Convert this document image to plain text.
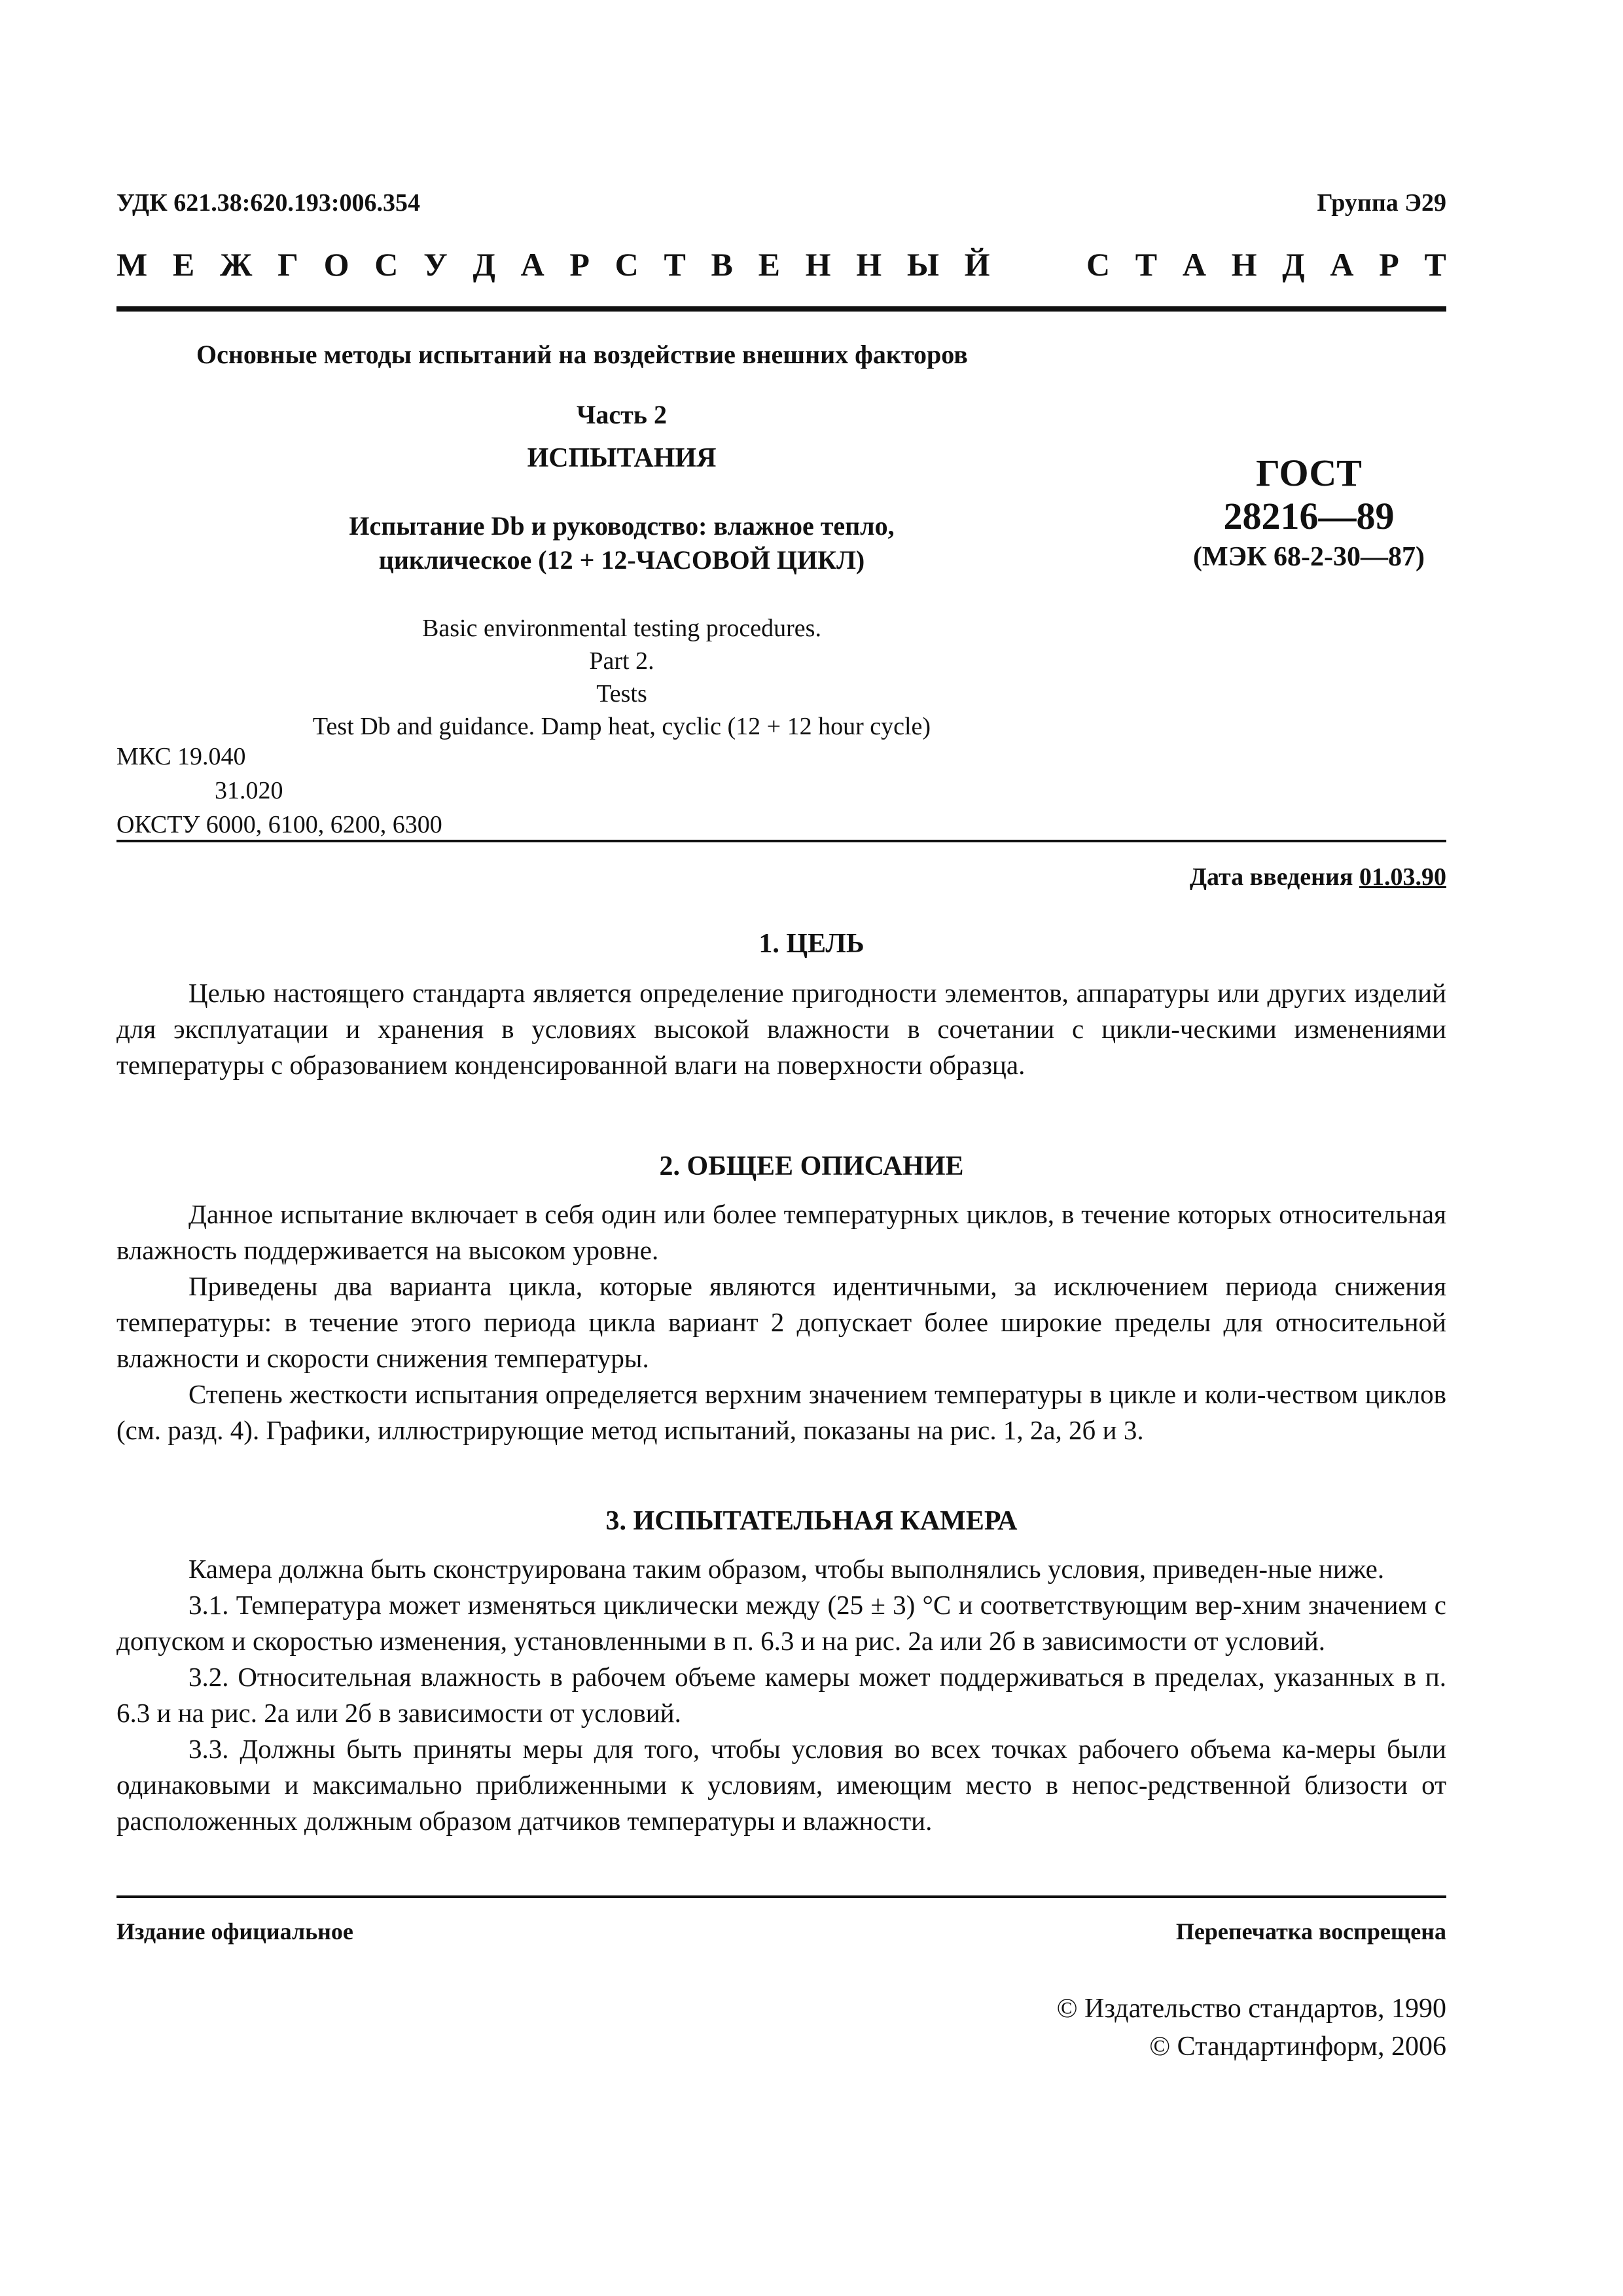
УДК 621.38:620.193:006.354	Группа Э29
М Е Ж Г О С У Д А Р С Т В Е Н Н Ы Й	С Т А Н Д А Р Т
Основные методы испытаний на воздействие внешних факторов
Часть 2
ИСПЫТАНИЯ
Испытание Db и руководство: влажное тепло,
циклическое (12 + 12-ЧАСОВОЙ ЦИКЛ)
ГОСТ
28216—89
(МЭК 68-2-30—87)
Basic environmental testing procedures.
Part 2.
Tests
Test Db and guidance. Damp heat, cyclic (12 + 12 hour cycle)
МКС 19.040
31.020
ОКСТУ 6000, 6100, 6200, 6300
Дата введения 01.03.90
1. ЦЕЛЬ

Целью настоящего стандарта является определение пригодности элементов, аппаратуры или других изделий для эксплуатации и хранения в условиях высокой влажности в сочетании с цикли-ческими изменениями температуры с образованием конденсированной влаги на поверхности образца.

2. ОБЩЕЕ ОПИСАНИЕ

Данное испытание включает в себя один или более температурных циклов, в течение которых относительная влажность поддерживается на высоком уровне.

Приведены два варианта цикла, которые являются идентичными, за исключением периода снижения температуры: в течение этого периода цикла вариант 2 допускает более широкие пределы для относительной влажности и скорости снижения температуры.

Степень жесткости испытания определяется верхним значением температуры в цикле и коли-чеством циклов (см. разд. 4). Графики, иллюстрирующие метод испытаний, показаны на рис. 1, 2а, 2б и 3.

3. ИСПЫТАТЕЛЬНАЯ КАМЕРА

Камера должна быть сконструирована таким образом, чтобы выполнялись условия, приведен-ные ниже.

3.1. Температура может изменяться циклически между (25 ± 3) °C и соответствующим вер-хним значением с допуском и скоростью изменения, установленными в п. 6.3 и на рис. 2а или 2б в зависимости от условий.

3.2. Относительная влажность в рабочем объеме камеры может поддерживаться в пределах, указанных в п. 6.3 и на рис. 2а или 2б в зависимости от условий.

3.3. Должны быть приняты меры для того, чтобы условия во всех точках рабочего объема ка-меры были одинаковыми и максимально приближенными к условиям, имеющим место в непос-редственной близости от расположенных должным образом датчиков температуры и влажности.

Издание официальное	Перепечатка воспрещена
© Издательство стандартов, 1990
© Стандартинформ, 2006
